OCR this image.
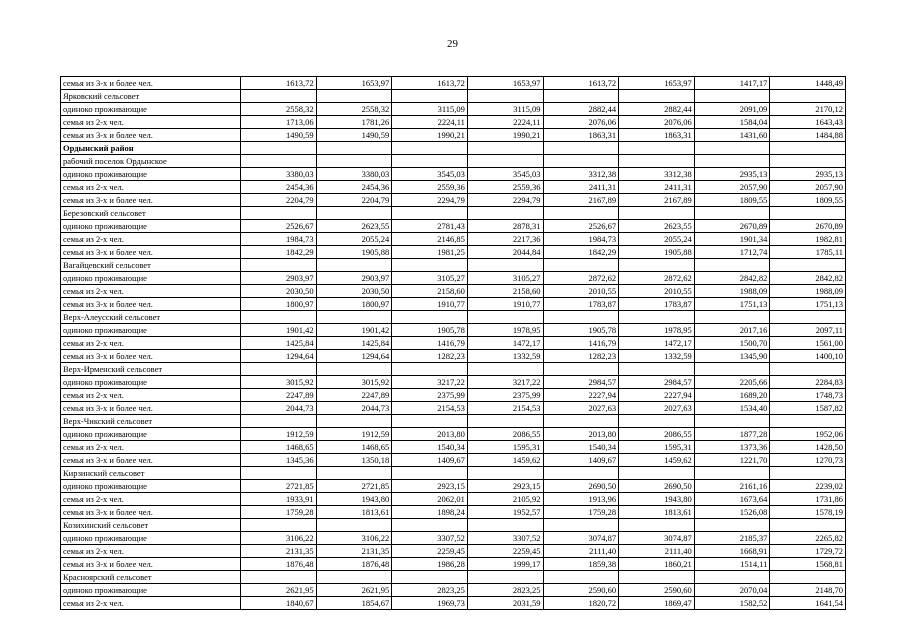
29
семья из 3-х и более чел.	1613,72	1653,97	1613,72	1653,97	1613,72	1653,97	1417,17	1448,49
Ярковский сельсовет								
одиноко проживающие	2558,32	2558,32	3115,09	3115,09	2882,44	2882,44	2091,09	2170,12
семья из 2-х чел.	1713,06	1781,26	2224,11	2224,11	2076,06	2076,06	1584,04	1643,43
семья из 3-х и более чел.	1490,59	1490,59	1990,21	1990,21	1863,31	1863,31	1431,60	1484,88
Ордынский район								
рабочий поселок Ордынское								
одиноко проживающие	3380,03	3380,03	3545,03	3545,03	3312,38	3312,38	2935,13	2935,13
семья из 2-х чел.	2454,36	2454,36	2559,36	2559,36	2411,31	2411,31	2057,90	2057,90
семья из 3-х и более чел.	2204,79	2204,79	2294,79	2294,79	2167,89	2167,89	1809,55	1809,55
Березовский сельсовет								
одиноко проживающие	2526,67	2623,55	2781,43	2878,31	2526,67	2623,55	2670,89	2670,89
семья из 2-х чел.	1984,73	2055,24	2146,85	2217,36	1984,73	2055,24	1901,34	1982,81
семья из 3-х и более чел.	1842,29	1905,88	1981,25	2044,84	1842,29	1905,88	1712,74	1785,11
Вагайцевский сельсовет								
одиноко проживающие	2903,97	2903,97	3105,27	3105,27	2872,62	2872,62	2842,82	2842,82
семья из 2-х чел.	2030,50	2030,50	2158,60	2158,60	2010,55	2010,55	1988,09	1988,09
семья из 3-х и более чел.	1800,97	1800,97	1910,77	1910,77	1783,87	1783,87	1751,13	1751,13
Верх-Алеусский сельсовет								
одиноко проживающие	1901,42	1901,42	1905,78	1978,95	1905,78	1978,95	2017,16	2097,11
семья из 2-х чел.	1425,84	1425,84	1416,79	1472,17	1416,79	1472,17	1500,70	1561,00
семья из 3-х и более чел.	1294,64	1294,64	1282,23	1332,59	1282,23	1332,59	1345,90	1400,10
Верх-Ирменский сельсовет								
одиноко проживающие	3015,92	3015,92	3217,22	3217,22	2984,57	2984,57	2205,66	2284,83
семья из 2-х чел.	2247,89	2247,89	2375,99	2375,99	2227,94	2227,94	1689,20	1748,73
семья из 3-х и более чел.	2044,73	2044,73	2154,53	2154,53	2027,63	2027,63	1534,40	1587,82
Верх-Чикский сельсовет								
одиноко проживающие	1912,59	1912,59	2013,80	2086,55	2013,80	2086,55	1877,28	1952,06
семья из 2-х чел.	1468,65	1468,65	1540,34	1595,31	1540,34	1595,31	1373,36	1428,50
семья из 3-х и более чел.	1345,36	1350,18	1409,67	1459,62	1409,67	1459,62	1221,70	1270,73
Кирзинский сельсовет								
одиноко проживающие	2721,85	2721,85	2923,15	2923,15	2690,50	2690,50	2161,16	2239,02
семья из 2-х чел.	1933,91	1943,80	2062,01	2105,92	1913,96	1943,80	1673,64	1731,86
семья из 3-х и более чел.	1759,28	1813,61	1898,24	1952,57	1759,28	1813,61	1526,08	1578,19
Козихинский сельсовет								
одиноко проживающие	3106,22	3106,22	3307,52	3307,52	3074,87	3074,87	2185,37	2265,82
семья из 2-х чел.	2131,35	2131,35	2259,45	2259,45	2111,40	2111,40	1668,91	1729,72
семья из 3-х и более чел.	1876,48	1876,48	1986,28	1999,17	1859,38	1860,21	1514,11	1568,81
Красноярский сельсовет								
одиноко проживающие	2621,95	2621,95	2823,25	2823,25	2590,60	2590,60	2070,04	2148,70
семья из 2-х чел.	1840,67	1854,67	1969,73	2031,59	1820,72	1869,47	1582,52	1641,54
